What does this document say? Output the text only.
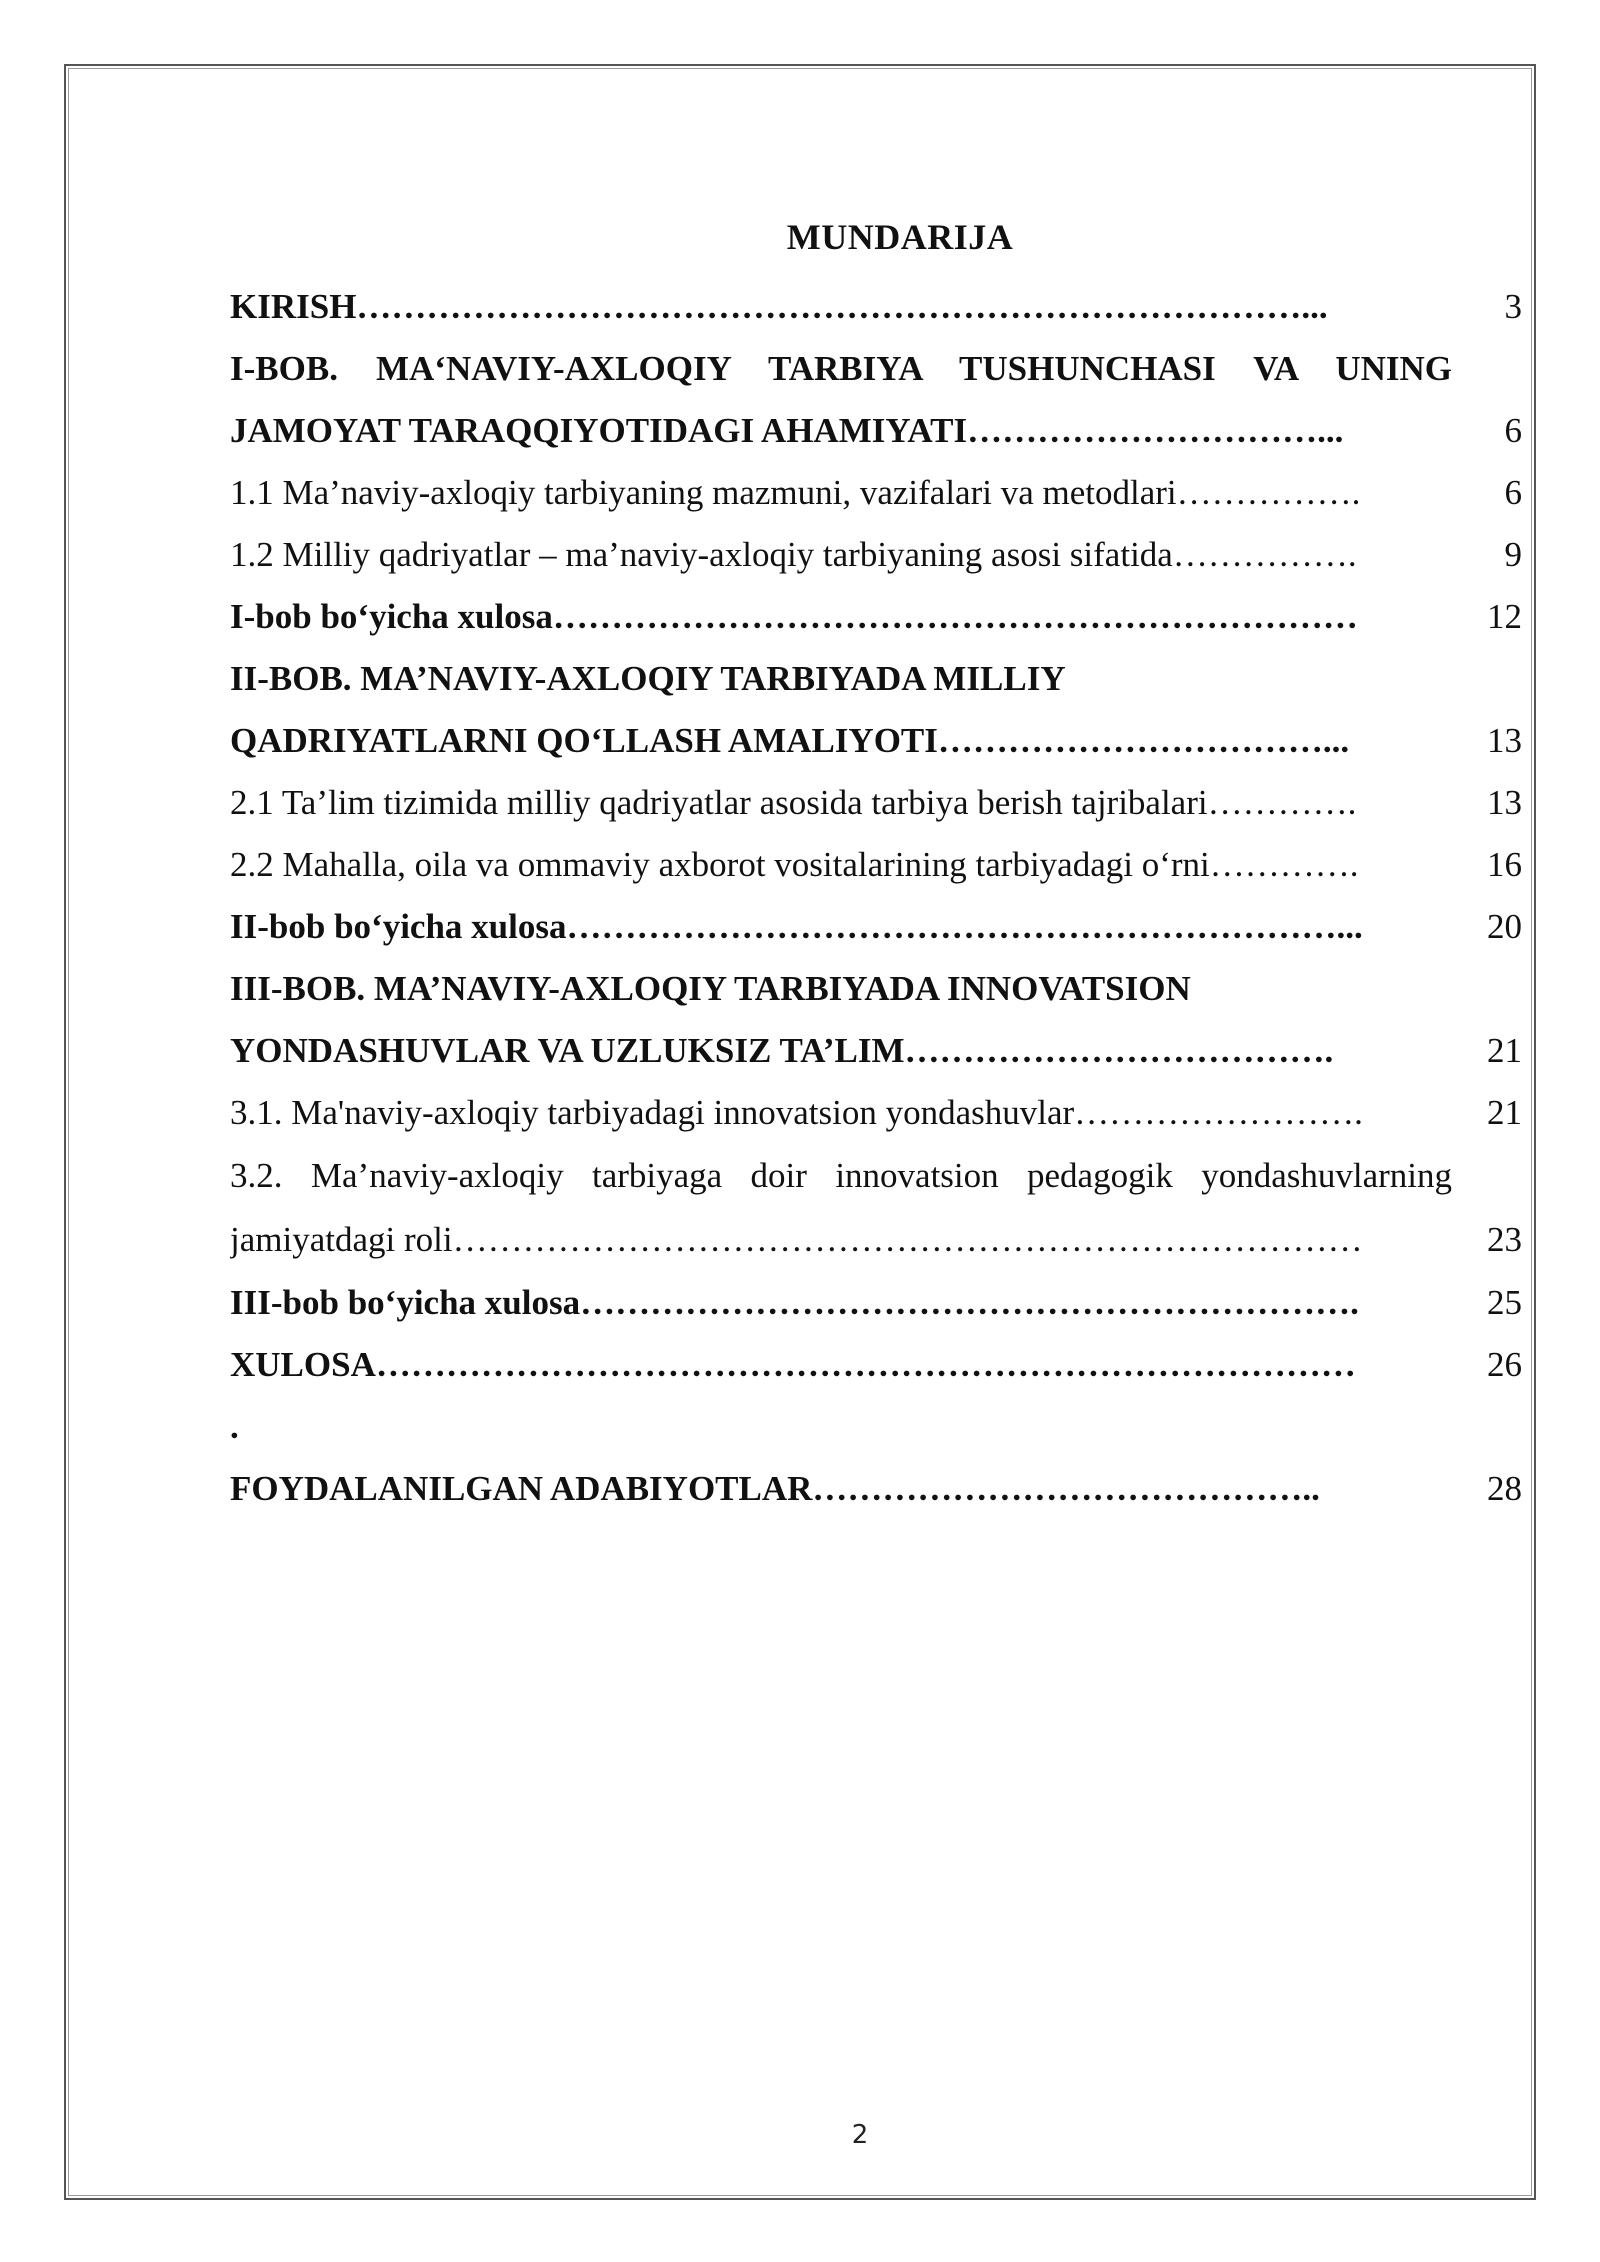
MUNDARIJA
KIRISH………………………………………………………………………...	3
I-BOB. MA‘NAVIY-AXLOQIY TARBIYA TUSHUNCHASI VA UNING
JAMOYAT TARAQQIYOTIDAGI AHAMIYATI…………………………...	6
1.1 Ma’naviy-axloqiy tarbiyaning mazmuni, vazifalari va metodlari…………….	6
1.2 Milliy qadriyatlar – ma’naviy-axloqiy tarbiyaning asosi sifatida…………….	9
I-bob bo‘yicha xulosa……………………………………………………………	12
II-BOB. MA’NAVIY-AXLOQIY TARBIYADA MILLIY
QADRIYATLARNI QO‘LLASH AMALIYOTI……………………………...	13
2.1 Ta’lim tizimida milliy qadriyatlar asosida tarbiya berish tajribalari………….	13
2.2 Mahalla, oila va ommaviy axborot vositalarining tarbiyadagi o‘rni………….	16
II-bob bo‘yicha xulosa…………………………………………………………...	20
III-BOB. MA’NAVIY-AXLOQIY TARBIYADA INNOVATSION
YONDASHUVLAR VA UZLUKSIZ TA’LIM……………………………….	21
3.1. Ma'naviy-axloqiy tarbiyadagi innovatsion yondashuvlar…………………….	21
3.2. Ma’naviy-axloqiy tarbiyaga doir innovatsion pedagogik yondashuvlarning
jamiyatdagi roli……………………………………………………………………	23
III-bob bo‘yicha xulosa………………………………………………………….	25
XULOSA…………………………………………………………………………	26
.
FOYDALANILGAN ADABIYOTLAR……………………………………..	28
2
